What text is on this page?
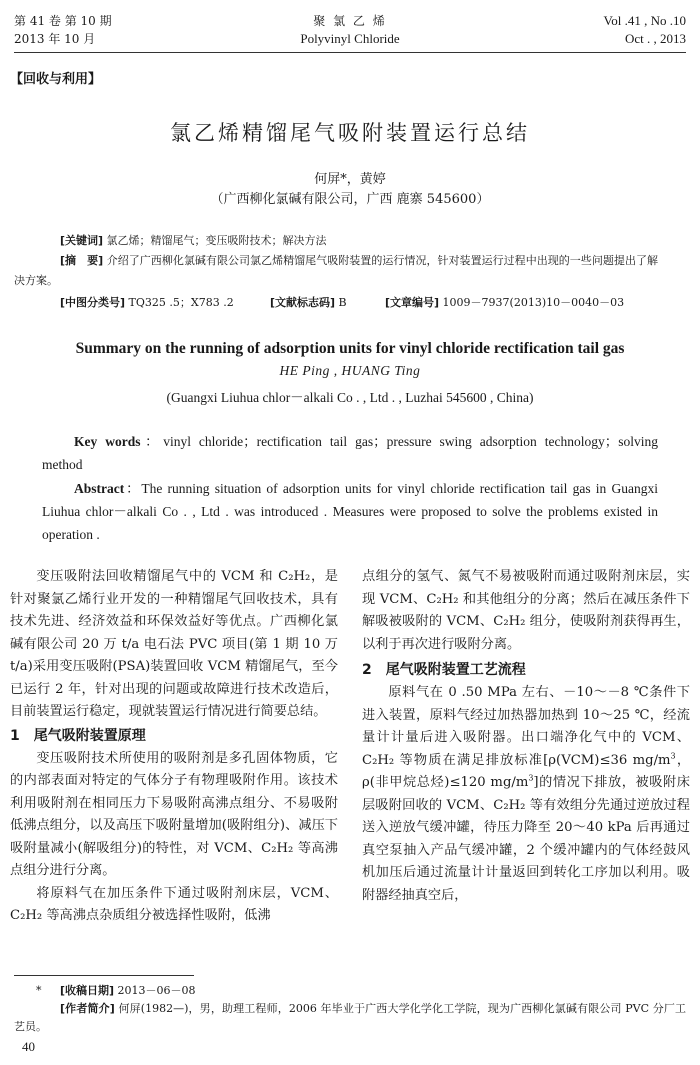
第 41 卷 第 10 期
2013 年 10 月
聚 氯 乙 烯
Polyvinyl Chloride
Vol .41 , No .10
Oct . , 2013
【回收与利用】
氯乙烯精馏尾气吸附装置运行总结
何屏*，黄婷
（广西柳化氯碱有限公司，广西 鹿寨 545600）
[关键词] 氯乙烯；精馏尾气；变压吸附技术；解决方法
[摘　要] 介绍了广西柳化氯碱有限公司氯乙烯精馏尾气吸附装置的运行情况，针对装置运行过程中出现的一些问题提出了解决方案。
[中图分类号] TQ325 .5；X783 .2	[文献标志码] B	[文章编号] 1009－7937(2013)10－0040－03
Summary on the running of adsorption units for vinyl chloride rectification tail gas
HE Ping , HUANG Ting
(Guangxi Liuhua chlor－alkali Co . , Ltd . , Luzhai 545600 , China)
Key words：vinyl chloride；rectification tail gas；pressure swing adsorption technology；solving method
Abstract：The running situation of adsorption units for vinyl chloride rectification tail gas in Guangxi Liuhua chlor－alkali Co . , Ltd . was introduced . Measures were proposed to solve the problems existed in operation .

变压吸附法回收精馏尾气中的 VCM 和 C₂H₂，是针对聚氯乙烯行业开发的一种精馏尾气回收技术，具有技术先进、经济效益和环保效益好等优点。广西柳化氯碱有限公司 20 万 t/a 电石法 PVC 项目(第 1 期 10 万 t/a)采用变压吸附(PSA)装置回收 VCM 精馏尾气，至今已运行 2 年，针对出现的问题或故障进行技术改造后，目前装置运行稳定，现就装置运行情况进行简要总结。

1　尾气吸附装置原理

变压吸附技术所使用的吸附剂是多孔固体物质，它的内部表面对特定的气体分子有物理吸附作用。该技术利用吸附剂在相同压力下易吸附高沸点组分、不易吸附低沸点组分，以及高压下吸附量增加(吸附组分)、减压下吸附量减小(解吸组分)的特性，对 VCM、C₂H₂ 等高沸点组分进行分离。

将原料气在加压条件下通过吸附剂床层，VCM、C₂H₂ 等高沸点杂质组分被选择性吸附，低沸

点组分的氢气、氮气不易被吸附而通过吸附剂床层，实现 VCM、C₂H₂ 和其他组分的分离；然后在减压条件下解吸被吸附的 VCM、C₂H₂ 组分，使吸附剂获得再生，以利于再次进行吸附分离。

2　尾气吸附装置工艺流程

原料气在 0 .50 MPa 左右、－10～－8 ℃条件下进入装置，原料气经过加热器加热到 10～25 ℃，经流量计计量后进入吸附器。出口端净化气中的 VCM、C₂H₂ 等物质在满足排放标准[ρ(VCM)≤36 $mg/m^3$，ρ(非甲烷总烃)≤120 $mg/m^3$]的情况下排放，被吸附床层吸附回收的 VCM、C₂H₂ 等有效组分先通过逆放过程送入逆放气缓冲罐，待压力降至 20～40 kPa 后再通过真空泵抽入产品气缓冲罐，2 个缓冲罐内的气体经鼓风机加压后通过流量计计量返回到转化工序加以利用。吸附器经抽真空后，

* [收稿日期] 2013－06－08
[作者简介] 何屏(1982—)，男，助理工程师，2006 年毕业于广西大学化学化工学院，现为广西柳化氯碱有限公司 PVC 分厂工艺员。
40
